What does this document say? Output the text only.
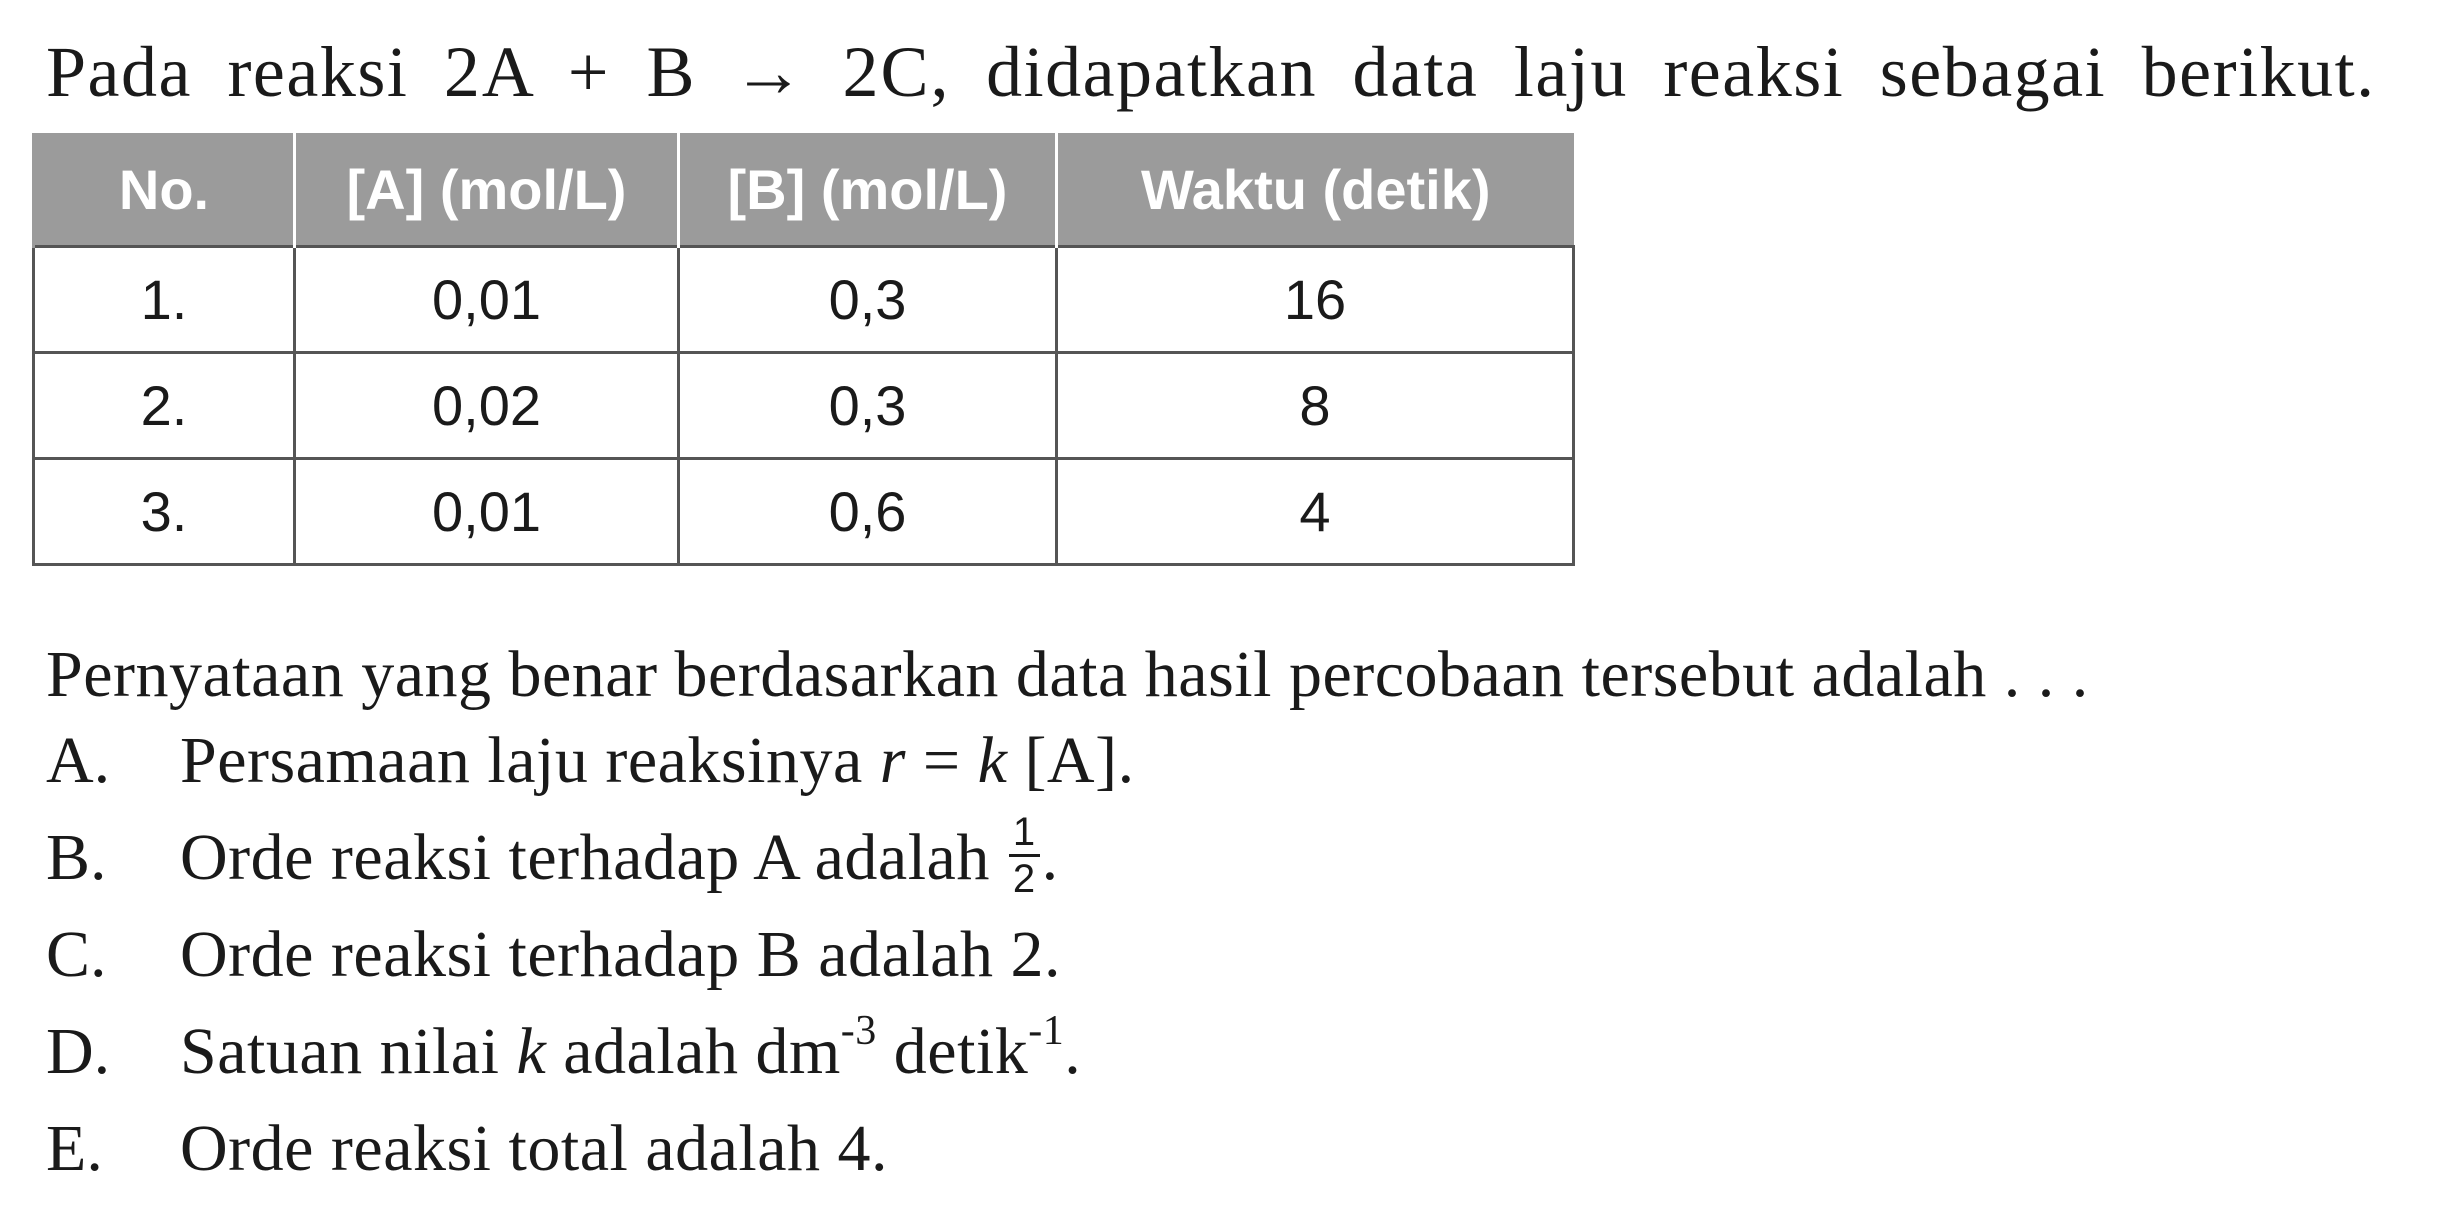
Pada reaksi 2A + B → 2C, didapatkan data laju reaksi sebagai berikut.
No.	[A] (mol/L)	[B] (mol/L)	Waktu (detik)
1.	0,01	0,3	16
2.	0,02	0,3	8
3.	0,01	0,6	4
Pernyataan yang benar berdasarkan data hasil percobaan tersebut adalah . . .
A.	Persamaan laju reaksinya r = k [A].
B.	Orde reaksi terhadap A adalah $\frac{1}{2}$ .
C.	Orde reaksi terhadap B adalah 2.
D.	Satuan nilai k adalah $dm^{-3}$ detik$^{-1}$.
E.	Orde reaksi total adalah 4.
